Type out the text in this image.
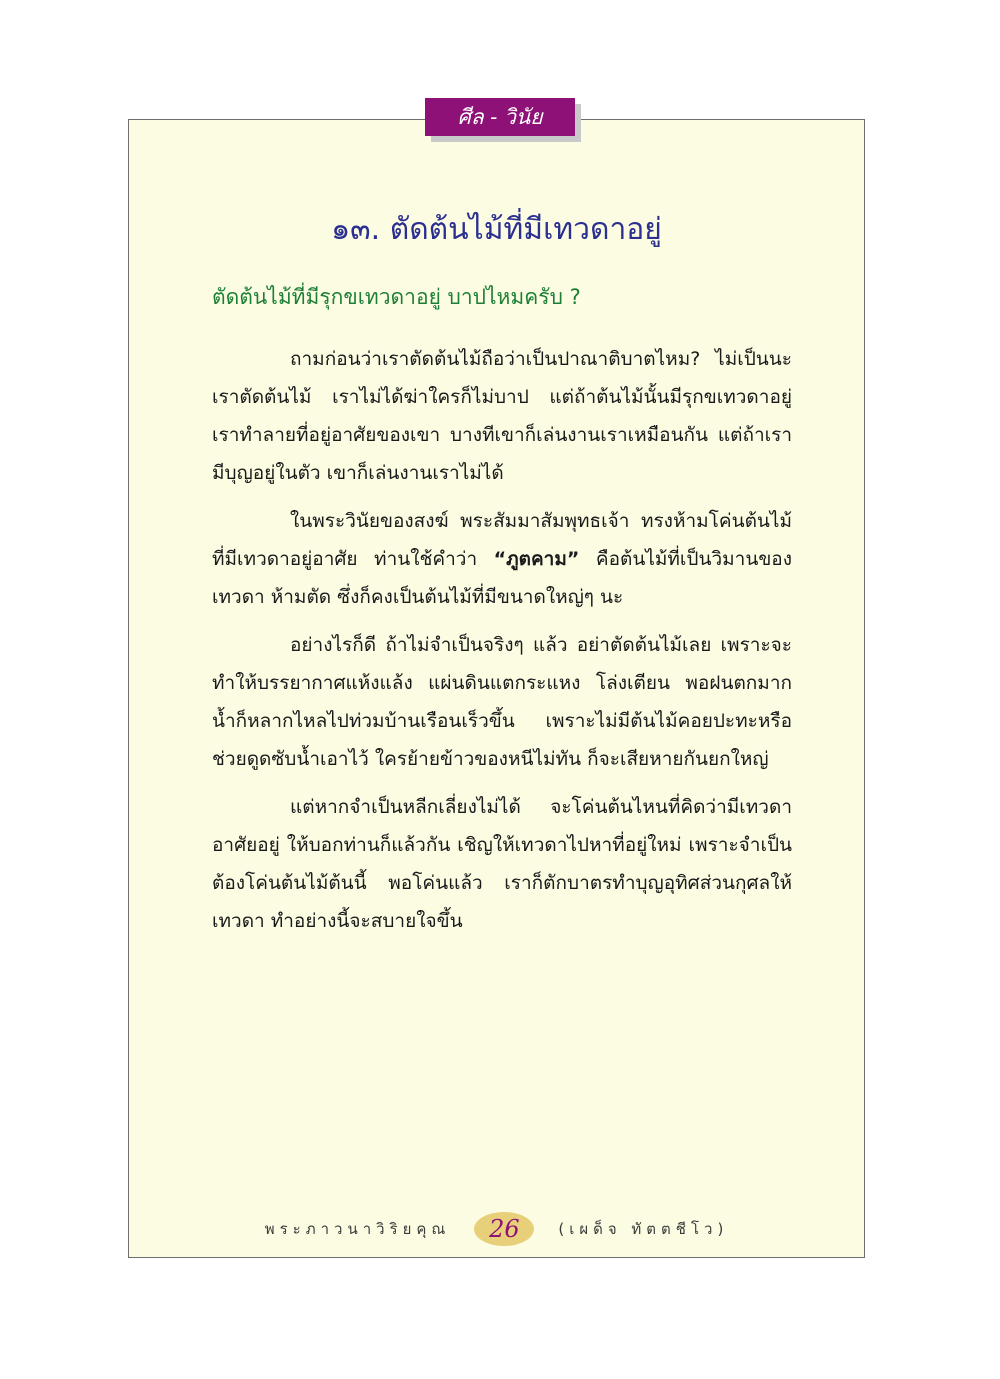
ศีล - วินัย
๑๓. ตัดต้นไม้ที่มีเทวดาอยู่
ตัดต้นไม้ที่มีรุกขเทวดาอยู่ บาปไหมครับ ?

ถามก่อนว่าเราตัดต้นไม้ถือว่าเป็นปาณาติบาตไหม? ไม่เป็นนะ เราตัดต้นไม้ เราไม่ได้ฆ่าใครก็ไม่บาป แต่ถ้าต้นไม้นั้นมีรุกขเทวดาอยู่ เราทำลายที่อยู่อาศัยของเขา บางทีเขาก็เล่นงานเราเหมือนกัน แต่ถ้าเรามีบุญอยู่ในตัว เขาก็เล่นงานเราไม่ได้

ในพระวินัยของสงฆ์ พระสัมมาสัมพุทธเจ้า ทรงห้ามโค่นต้นไม้ที่มีเทวดาอยู่อาศัย ท่านใช้คำว่า “ภูตคาม” คือต้นไม้ที่เป็นวิมานของเทวดา ห้ามตัด ซึ่งก็คงเป็นต้นไม้ที่มีขนาดใหญ่ๆ นะ

อย่างไรก็ดี ถ้าไม่จำเป็นจริงๆ แล้ว อย่าตัดต้นไม้เลย เพราะจะทำให้บรรยากาศแห้งแล้ง แผ่นดินแตกระแหง โล่งเตียน พอฝนตกมาก น้ำก็หลากไหลไปท่วมบ้านเรือนเร็วขึ้น เพราะไม่มีต้นไม้คอยปะทะหรือช่วยดูดซับน้ำเอาไว้ ใครย้ายข้าวของหนีไม่ทัน ก็จะเสียหายกันยกใหญ่

แต่หากจำเป็นหลีกเลี่ยงไม่ได้ จะโค่นต้นไหนที่คิดว่ามีเทวดาอาศัยอยู่ ให้บอกท่านก็แล้วกัน เชิญให้เทวดาไปหาที่อยู่ใหม่ เพราะจำเป็นต้องโค่นต้นไม้ต้นนี้ พอโค่นแล้ว เราก็ตักบาตรทำบุญอุทิศส่วนกุศลให้เทวดา ทำอย่างนี้จะสบายใจขึ้น

พระภาวนาวิริยคุณ	26	(เผด็จ ทัตตชีโว)
